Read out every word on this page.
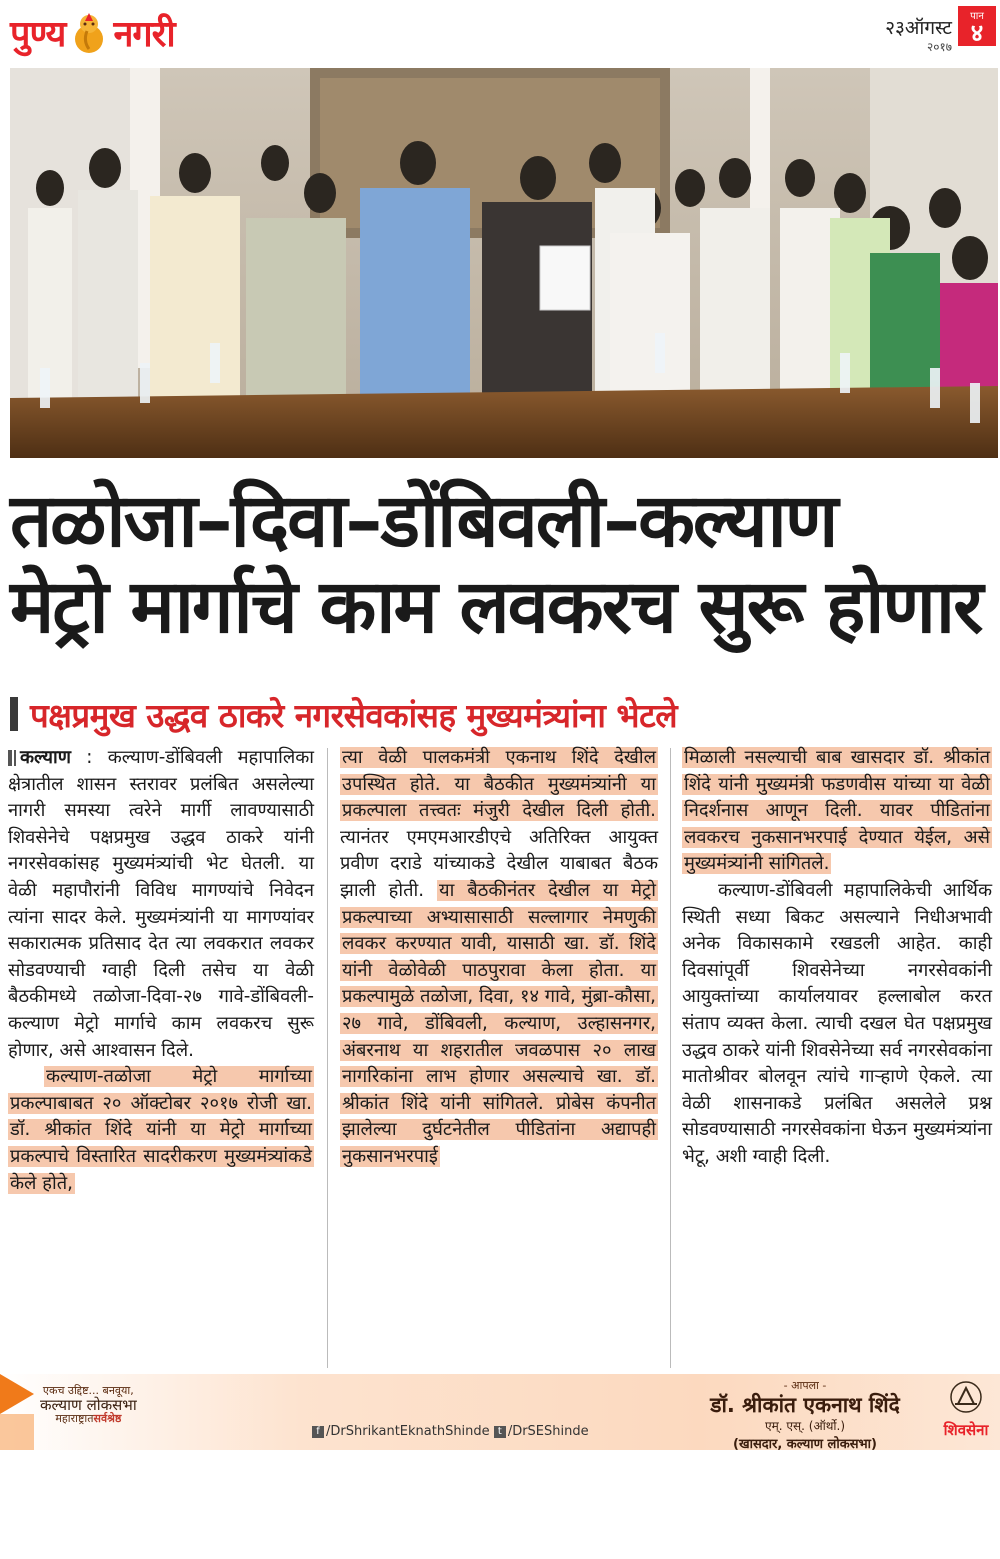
पुण्य नगरी	२३ऑगस्ट
२०१७
पान
४
तळोजा–दिवा–डोंबिवली–कल्याण
मेट्रो मार्गाचे काम लवकरच सुरू होणार
पक्षप्रमुख उद्धव ठाकरे नगरसेवकांसह मुख्यमंत्र्यांना भेटले

कल्याण : कल्याण-डोंबिवली महापालिका क्षेत्रातील शासन स्तरावर प्रलंबित असलेल्या नागरी समस्या त्वरेने मार्गी लावण्यासाठी शिवसेनेचे पक्षप्रमुख उद्धव ठाकरे यांनी नगरसेवकांसह मुख्यमंत्र्यांची भेट घेतली. या वेळी महापौरांनी विविध मागण्यांचे निवेदन त्यांना सादर केले. मुख्यमंत्र्यांनी या मागण्यांवर सकारात्मक प्रतिसाद देत त्या लवकरात लवकर सोडवण्याची ग्वाही दिली तसेच या वेळी बैठकीमध्ये तळोजा-दिवा-२७ गावे-डोंबिवली-कल्याण मेट्रो मार्गाचे काम लवकरच सुरू होणार, असे आश्वासन दिले.

कल्याण-तळोजा मेट्रो मार्गाच्या प्रकल्पाबाबत २० ऑक्टोबर २०१७ रोजी खा. डॉ. श्रीकांत शिंदे यांनी या मेट्रो मार्गाच्या प्रकल्पाचे विस्तारित सादरीकरण मुख्यमंत्र्यांकडे केले होते,

त्या वेळी पालकमंत्री एकनाथ शिंदे देखील उपस्थित होते. या बैठकीत मुख्यमंत्र्यांनी या प्रकल्पाला तत्त्वतः मंजुरी देखील दिली होती. त्यानंतर एमएमआरडीएचे अतिरिक्त आयुक्त प्रवीण दराडे यांच्याकडे देखील याबाबत बैठक झाली होती. या बैठकीनंतर देखील या मेट्रो प्रकल्पाच्या अभ्यासासाठी सल्लागार नेमणुकी लवकर करण्यात यावी, यासाठी खा. डॉ. शिंदे यांनी वेळोवेळी पाठपुरावा केला होता. या प्रकल्पामुळे तळोजा, दिवा, १४ गावे, मुंब्रा-कौसा, २७ गावे, डोंबिवली, कल्याण, उल्हासनगर, अंबरनाथ या शहरातील जवळपास २० लाख नागरिकांना लाभ होणार असल्याचे खा. डॉ. श्रीकांत शिंदे यांनी सांगितले. प्रोबेस कंपनीत झालेल्या दुर्घटनेतील पीडितांना अद्यापही नुकसानभरपाई

मिळाली नसल्याची बाब खासदार डॉ. श्रीकांत शिंदे यांनी मुख्यमंत्री फडणवीस यांच्या या वेळी निदर्शनास आणून दिली. यावर पीडितांना लवकरच नुकसानभरपाई देण्यात येईल, असे मुख्यमंत्र्यांनी सांगितले.

कल्याण-डोंबिवली महापालिकेची आर्थिक स्थिती सध्या बिकट असल्याने निधीअभावी अनेक विकासकामे रखडली आहेत. काही दिवसांपूर्वी शिवसेनेच्या नगरसेवकांनी आयुक्तांच्या कार्यालयावर हल्लाबोल करत संताप व्यक्त केला. त्याची दखल घेत पक्षप्रमुख उद्धव ठाकरे यांनी शिवसेनेच्या सर्व नगरसेवकांना मातोश्रीवर बोलवून त्यांचे गाऱ्हाणे ऐकले. त्या वेळी शासनाकडे प्रलंबित असलेले प्रश्न सोडवण्यासाठी नगरसेवकांना घेऊन मुख्यमंत्र्यांना भेटू, अशी ग्वाही दिली.

एकच उद्दिष्ट... बनवूया,
कल्याण लोकसभा
महाराष्ट्रातसर्वश्रेष्ठ
f /DrShrikantEknathShinde t /DrSEShinde
- आपला -
डॉ. श्रीकांत एकनाथ शिंदे
एम्. एस्. (ऑर्थो.)
(खासदार, कल्याण लोकसभा)
शिवसेना
